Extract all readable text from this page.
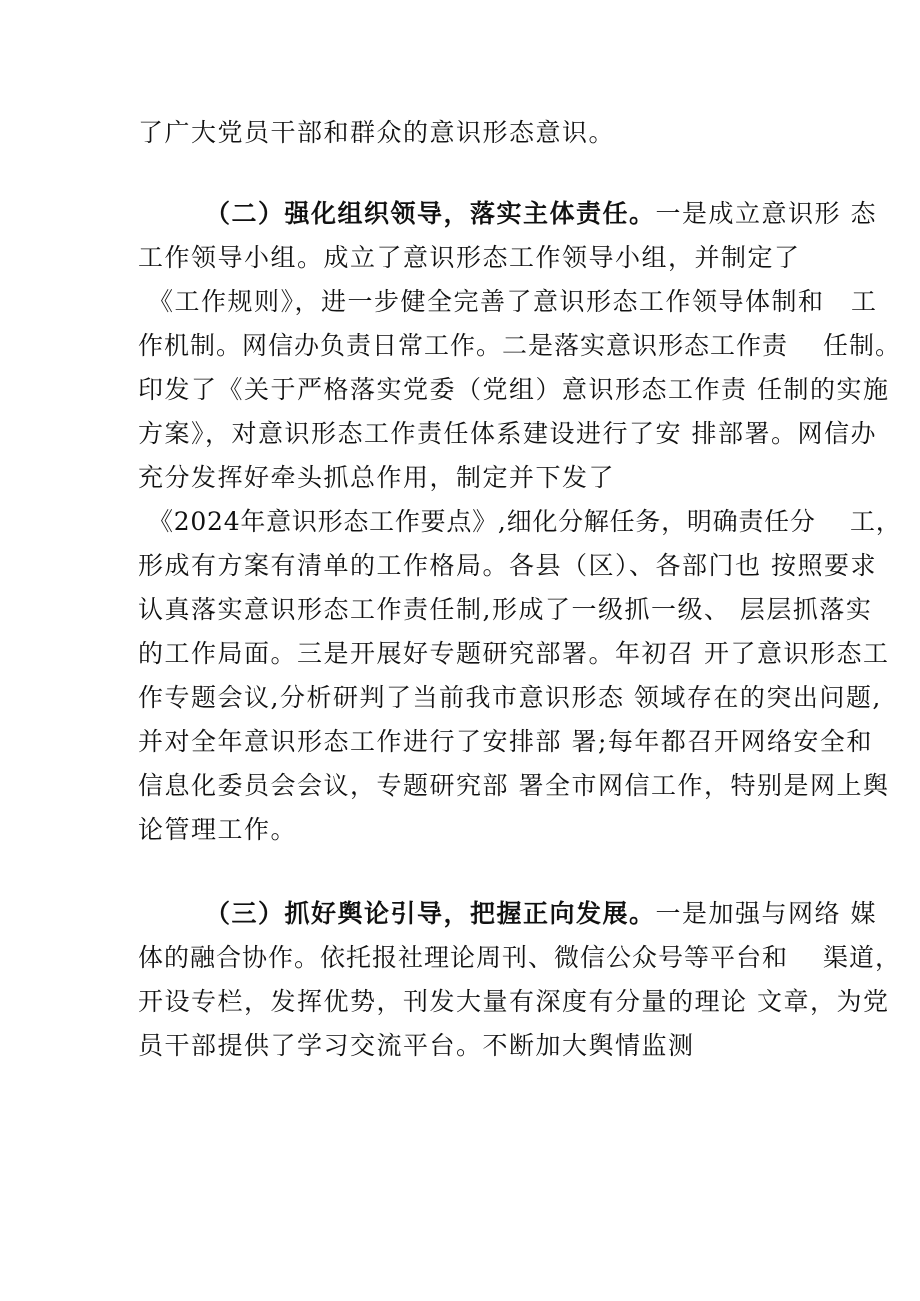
了广大党员干部和群众的意识形态意识。
（二）强化组织领导，落实主体责任。一是成立意识形 态
工作领导小组。成立了意识形态工作领导小组，并制定了
《工作规则》，进一步健全完善了意识形态工作领导体制和　工
作机制。网信办负责日常工作。二是落实意识形态工作责　 任制。
印发了《关于严格落实党委（党组）意识形态工作责 任制的实施
方案》，对意识形态工作责任体系建设进行了安 排部署。网信办
充分发挥好牵头抓总作用，制定并下发了
《2024年意识形态工作要点》,细化分解任务，明确责任分　 工，
形成有方案有清单的工作格局。各县（区）、各部门也 按照要求
认真落实意识形态工作责任制,形成了一级抓一级、 层层抓落实
的工作局面。三是开展好专题研究部署。年初召 开了意识形态工
作专题会议,分析研判了当前我市意识形态 领域存在的突出问题,
并对全年意识形态工作进行了安排部 署;每年都召开网络安全和
信息化委员会会议，专题研究部 署全市网信工作，特别是网上舆
论管理工作。
（三）抓好舆论引导，把握正向发展。一是加强与网络 媒
体的融合协作。依托报社理论周刊、微信公众号等平台和　 渠道，
开设专栏，发挥优势，刊发大量有深度有分量的理论 文章，为党
员干部提供了学习交流平台。不断加大舆情监测
